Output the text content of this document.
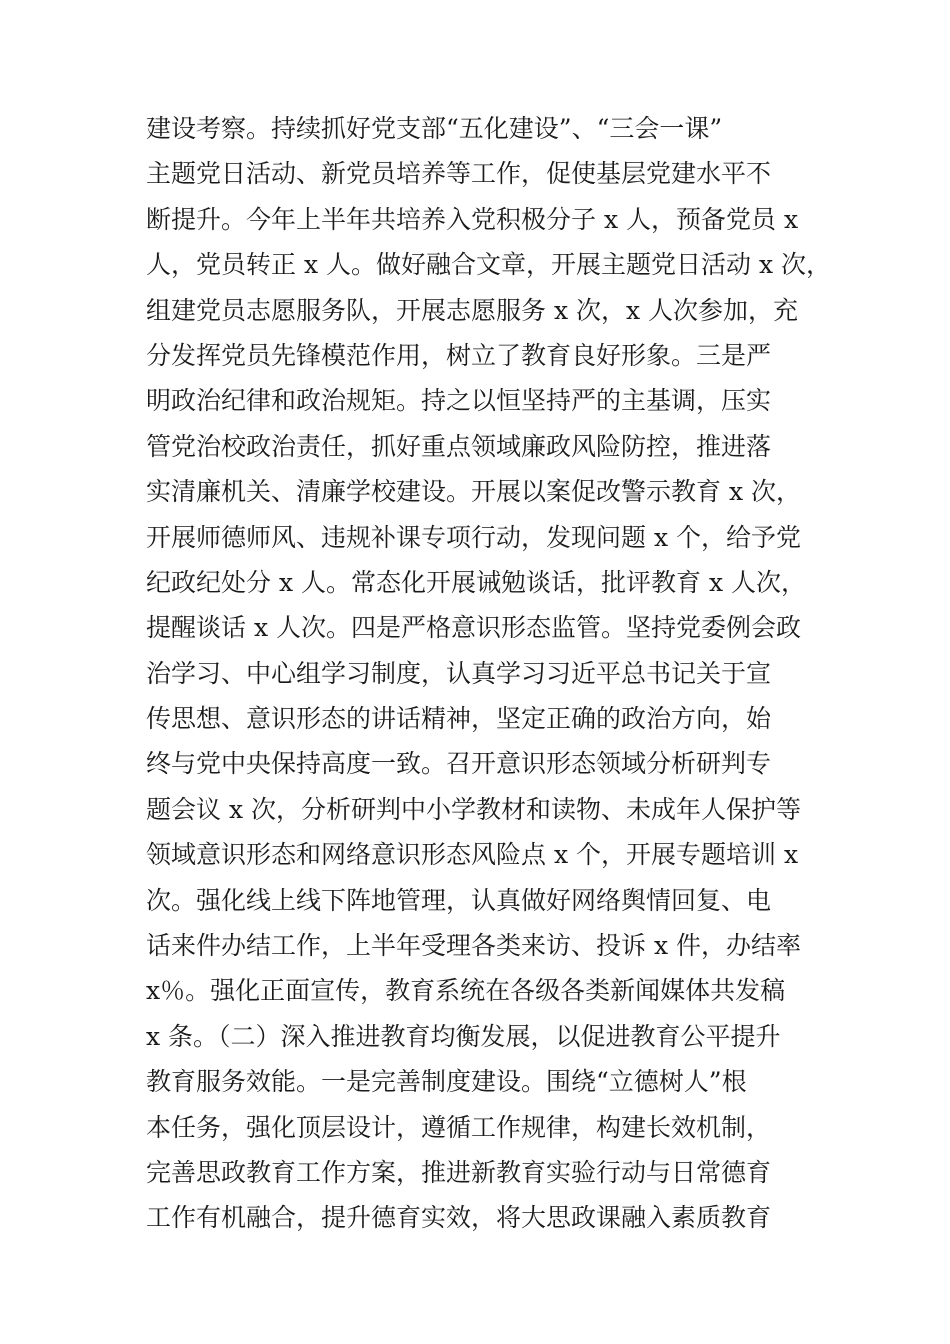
建设考察。持续抓好党支部“五化建设”、“三会一课”
主题党日活动、新党员培养等工作，促使基层党建水平不
断提升。今年上半年共培养入党积极分子 x 人，预备党员 x
人，党员转正 x 人。做好融合文章，开展主题党日活动 x 次，
组建党员志愿服务队，开展志愿服务 x 次，x 人次参加，充
分发挥党员先锋模范作用，树立了教育良好形象。三是严
明政治纪律和政治规矩。持之以恒坚持严的主基调，压实
管党治校政治责任，抓好重点领域廉政风险防控，推进落
实清廉机关、清廉学校建设。开展以案促改警示教育 x 次，
开展师德师风、违规补课专项行动，发现问题 x 个，给予党
纪政纪处分 x 人。常态化开展诫勉谈话，批评教育 x 人次，
提醒谈话 x 人次。四是严格意识形态监管。坚持党委例会政
治学习、中心组学习制度，认真学习习近平总书记关于宣
传思想、意识形态的讲话精神，坚定正确的政治方向，始
终与党中央保持高度一致。召开意识形态领域分析研判专
题会议 x 次，分析研判中小学教材和读物、未成年人保护等
领域意识形态和网络意识形态风险点 x 个，开展专题培训 x
次。强化线上线下阵地管理，认真做好网络舆情回复、电
话来件办结工作，上半年受理各类来访、投诉 x 件，办结率
x％。强化正面宣传，教育系统在各级各类新闻媒体共发稿
x 条。（二）深入推进教育均衡发展，以促进教育公平提升
教育服务效能。一是完善制度建设。围绕“立德树人”根
本任务，强化顶层设计，遵循工作规律，构建长效机制，
完善思政教育工作方案，推进新教育实验行动与日常德育
工作有机融合，提升德育实效，将大思政课融入素质教育
